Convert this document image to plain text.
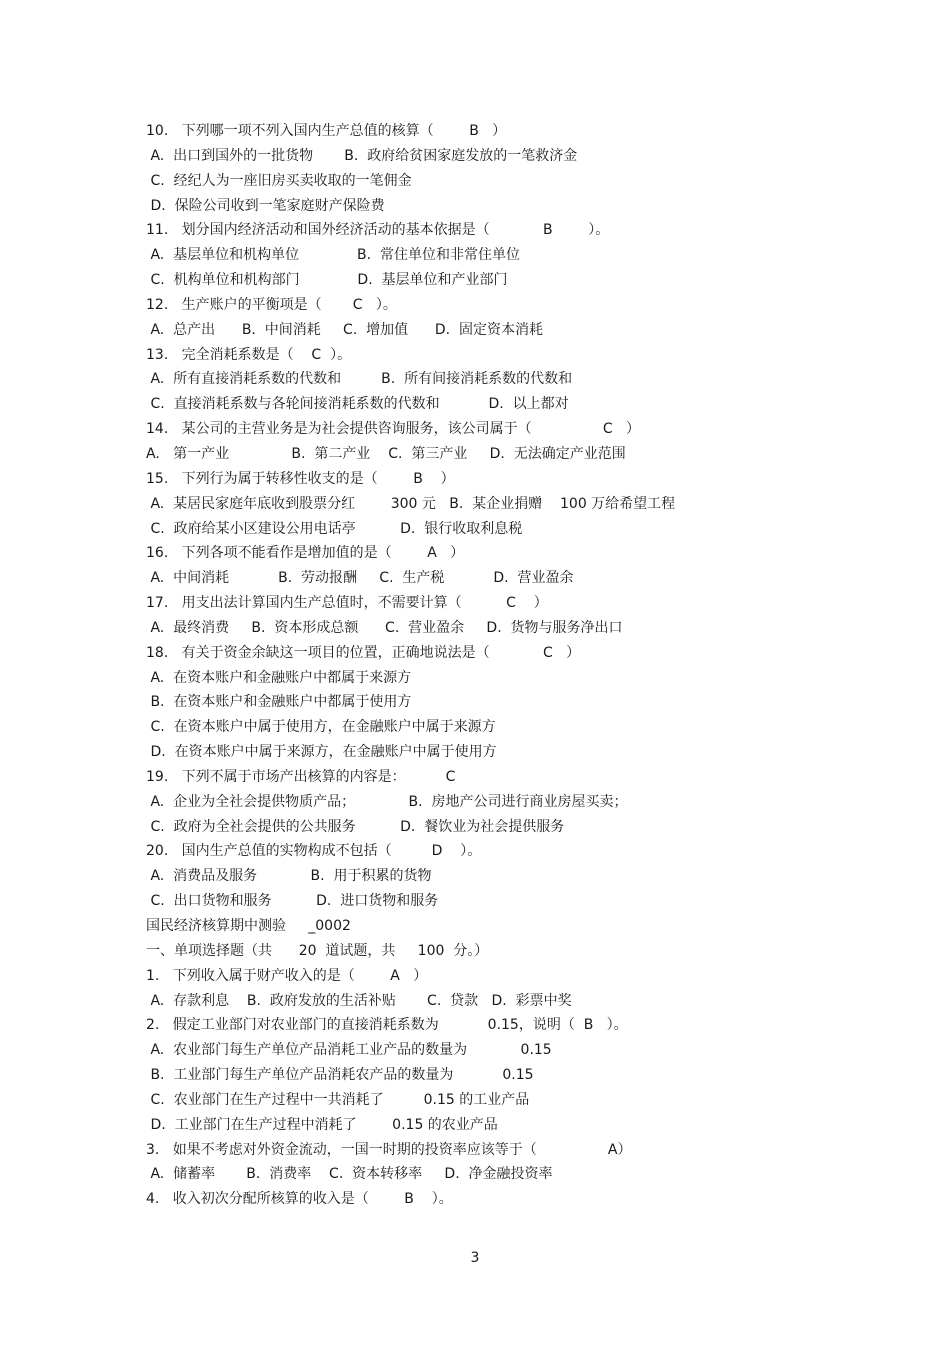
10.   下列哪一项不列入国内生产总值的核算（        B   ）
A.  出口到国外的一批货物       B.  政府给贫困家庭发放的一笔救济金
C.  经纪人为一座旧房买卖收取的一笔佣金
D.  保险公司收到一笔家庭财产保险费
11.   划分国内经济活动和国外经济活动的基本依据是（            B        ）。
A.  基层单位和机构单位             B.  常住单位和非常住单位
C.  机构单位和机构部门             D.  基层单位和产业部门
12.   生产账户的平衡项是（       C   ）。
A.  总产出      B.  中间消耗     C.  增加值      D.  固定资本消耗
13.   完全消耗系数是（    C  ）。
A.  所有直接消耗系数的代数和         B.  所有间接消耗系数的代数和
C.  直接消耗系数与各轮间接消耗系数的代数和           D.  以上都对
14.   某公司的主营业务是为社会提供咨询服务，该公司属于（                C   ）
A.   第一产业              B.  第二产业    C.  第三产业     D.  无法确定产业范围
15.   下列行为属于转移性收支的是（        B    ）
A.  某居民家庭年底收到股票分红        300 元   B.  某企业捐赠    100 万给希望工程
C.  政府给某小区建设公用电话亭          D.  银行收取利息税
16.   下列各项不能看作是增加值的是（        A   ）
A.  中间消耗           B.  劳动报酬     C.  生产税           D.  营业盈余
17.   用支出法计算国内生产总值时，不需要计算（          C    ）
A.  最终消费     B.  资本形成总额      C.  营业盈余     D.  货物与服务净出口
18.   有关于资金余缺这一项目的位置，正确地说法是（            C   ）
A.  在资本账户和金融账户中都属于来源方
B.  在资本账户和金融账户中都属于使用方
C.  在资本账户中属于使用方，在金融账户中属于来源方
D.  在资本账户中属于来源方，在金融账户中属于使用方
19.   下列不属于市场产出核算的内容是：         C
A.  企业为全社会提供物质产品；            B.  房地产公司进行商业房屋买卖；
C.  政府为全社会提供的公共服务          D.  餐饮业为社会提供服务
20.   国内生产总值的实物构成不包括（         D    ）。
A.  消费品及服务            B.  用于积累的货物
C.  出口货物和服务          D.  进口货物和服务
国民经济核算期中测验     _0002
一、单项选择题（共      20  道试题，共     100  分。）
1.   下列收入属于财产收入的是（        A   ）
A.  存款利息    B.  政府发放的生活补贴       C.  贷款   D.  彩票中奖
2.   假定工业部门对农业部门的直接消耗系数为           0.15，说明（  B   ）。
A.  农业部门每生产单位产品消耗工业产品的数量为            0.15
B.  工业部门每生产单位产品消耗农产品的数量为           0.15
C.  农业部门在生产过程中一共消耗了         0.15 的工业产品
D.  工业部门在生产过程中消耗了        0.15 的农业产品
3.   如果不考虑对外资金流动，一国一时期的投资率应该等于（                A）
A.  储蓄率       B.  消费率    C.  资本转移率     D.  净金融投资率
4.   收入初次分配所核算的收入是（        B    ）。
3
